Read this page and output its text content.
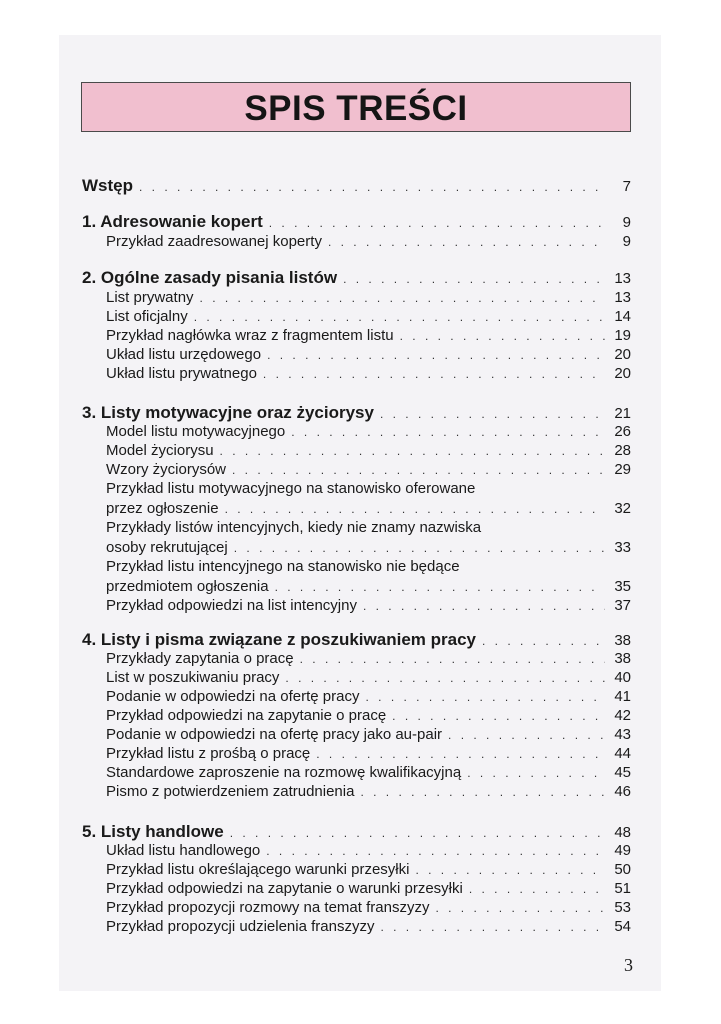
SPIS TREŚCI
Wstęp . . .	7
1. Adresowanie kopert . . .	9
Przykład zaadresowanej koperty . . .	9
2. Ogólne zasady pisania listów . . .	13
List prywatny . . .	13
List oficjalny . . .	14
Przykład nagłówka wraz z fragmentem listu . . .	19
Układ listu urzędowego . . .	20
Układ listu prywatnego . . .	20
3. Listy motywacyjne oraz życiorysy . . .	21
Model listu motywacyjnego . . .	26
Model życiorysu . . .	28
Wzory życiorysów . . .	29
Przykład listu motywacyjnego na stanowisko oferowane
przez ogłoszenie . . .	32
Przykłady listów intencyjnych, kiedy nie znamy nazwiska
osoby rekrutującej . . .	33
Przykład listu intencyjnego na stanowisko nie będące
przedmiotem ogłoszenia . . .	35
Przykład odpowiedzi na list intencyjny . . .	37
4. Listy i pisma związane z poszukiwaniem pracy . . .	38
Przykłady zapytania o pracę . . .	38
List w poszukiwaniu pracy . . .	40
Podanie w odpowiedzi na ofertę pracy . . .	41
Przykład odpowiedzi na zapytanie o pracę . . .	42
Podanie w odpowiedzi na ofertę pracy jako au-pair . . .	43
Przykład listu z prośbą o pracę . . .	44
Standardowe zaproszenie na rozmowę kwalifikacyjną . . .	45
Pismo z potwierdzeniem zatrudnienia . . .	46
5. Listy handlowe . . .	48
Układ listu handlowego . . .	49
Przykład listu określającego warunki przesyłki . . .	50
Przykład odpowiedzi na zapytanie o warunki przesyłki . . .	51
Przykład propozycji rozmowy na temat franszyzy . . .	53
Przykład propozycji udzielenia franszyzy . . .	54
3
